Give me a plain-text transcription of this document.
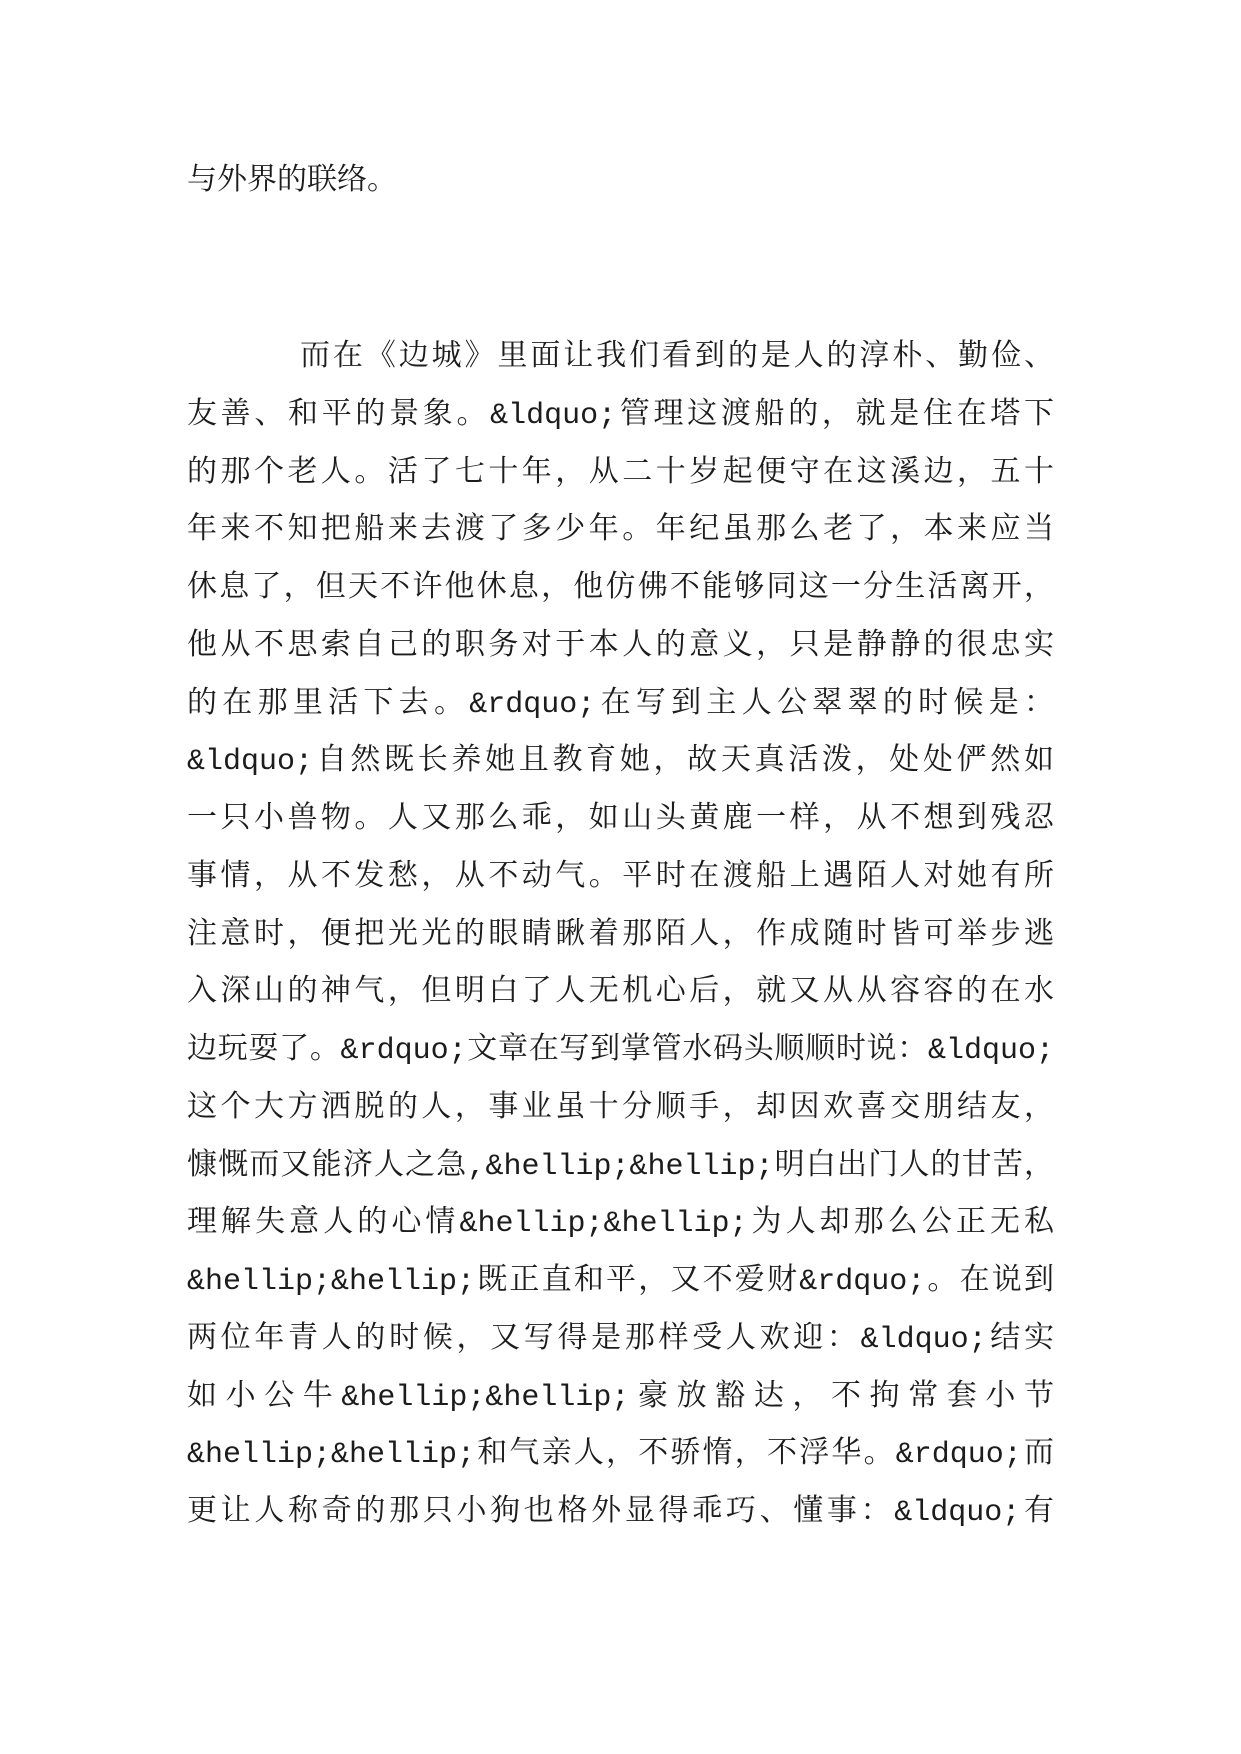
与外界的联络。
而在《边城》里面让我们看到的是人的淳朴、勤俭、
友善、和平的景象。&ldquo;管理这渡船的，就是住在塔下
的那个老人。活了七十年，从二十岁起便守在这溪边，五十
年来不知把船来去渡了多少年。年纪虽那么老了，本来应当
休息了，但天不许他休息，他仿佛不能够同这一分生活离开，
他从不思索自己的职务对于本人的意义，只是静静的很忠实
的在那里活下去。&rdquo;在写到主人公翠翠的时候是：
&ldquo;自然既长养她且教育她，故天真活泼，处处俨然如
一只小兽物。人又那么乖，如山头黄鹿一样，从不想到残忍
事情，从不发愁，从不动气。平时在渡船上遇陌人对她有所
注意时，便把光光的眼睛瞅着那陌人，作成随时皆可举步逃
入深山的神气，但明白了人无机心后，就又从从容容的在水
边玩耍了。&rdquo;文章在写到掌管水码头顺顺时说：&ldquo;
这个大方洒脱的人，事业虽十分顺手，却因欢喜交朋结友，
慷慨而又能济人之急,&hellip;&hellip;明白出门人的甘苦，
理解失意人的心情&hellip;&hellip;为人却那么公正无私
&hellip;&hellip;既正直和平，又不爱财&rdquo;。在说到
两位年青人的时候，又写得是那样受人欢迎：&ldquo;结实
如小公牛&hellip;&hellip;豪放豁达，不拘常套小节
&hellip;&hellip;和气亲人，不骄惰，不浮华。&rdquo;而
更让人称奇的那只小狗也格外显得乖巧、懂事：&ldquo;有
